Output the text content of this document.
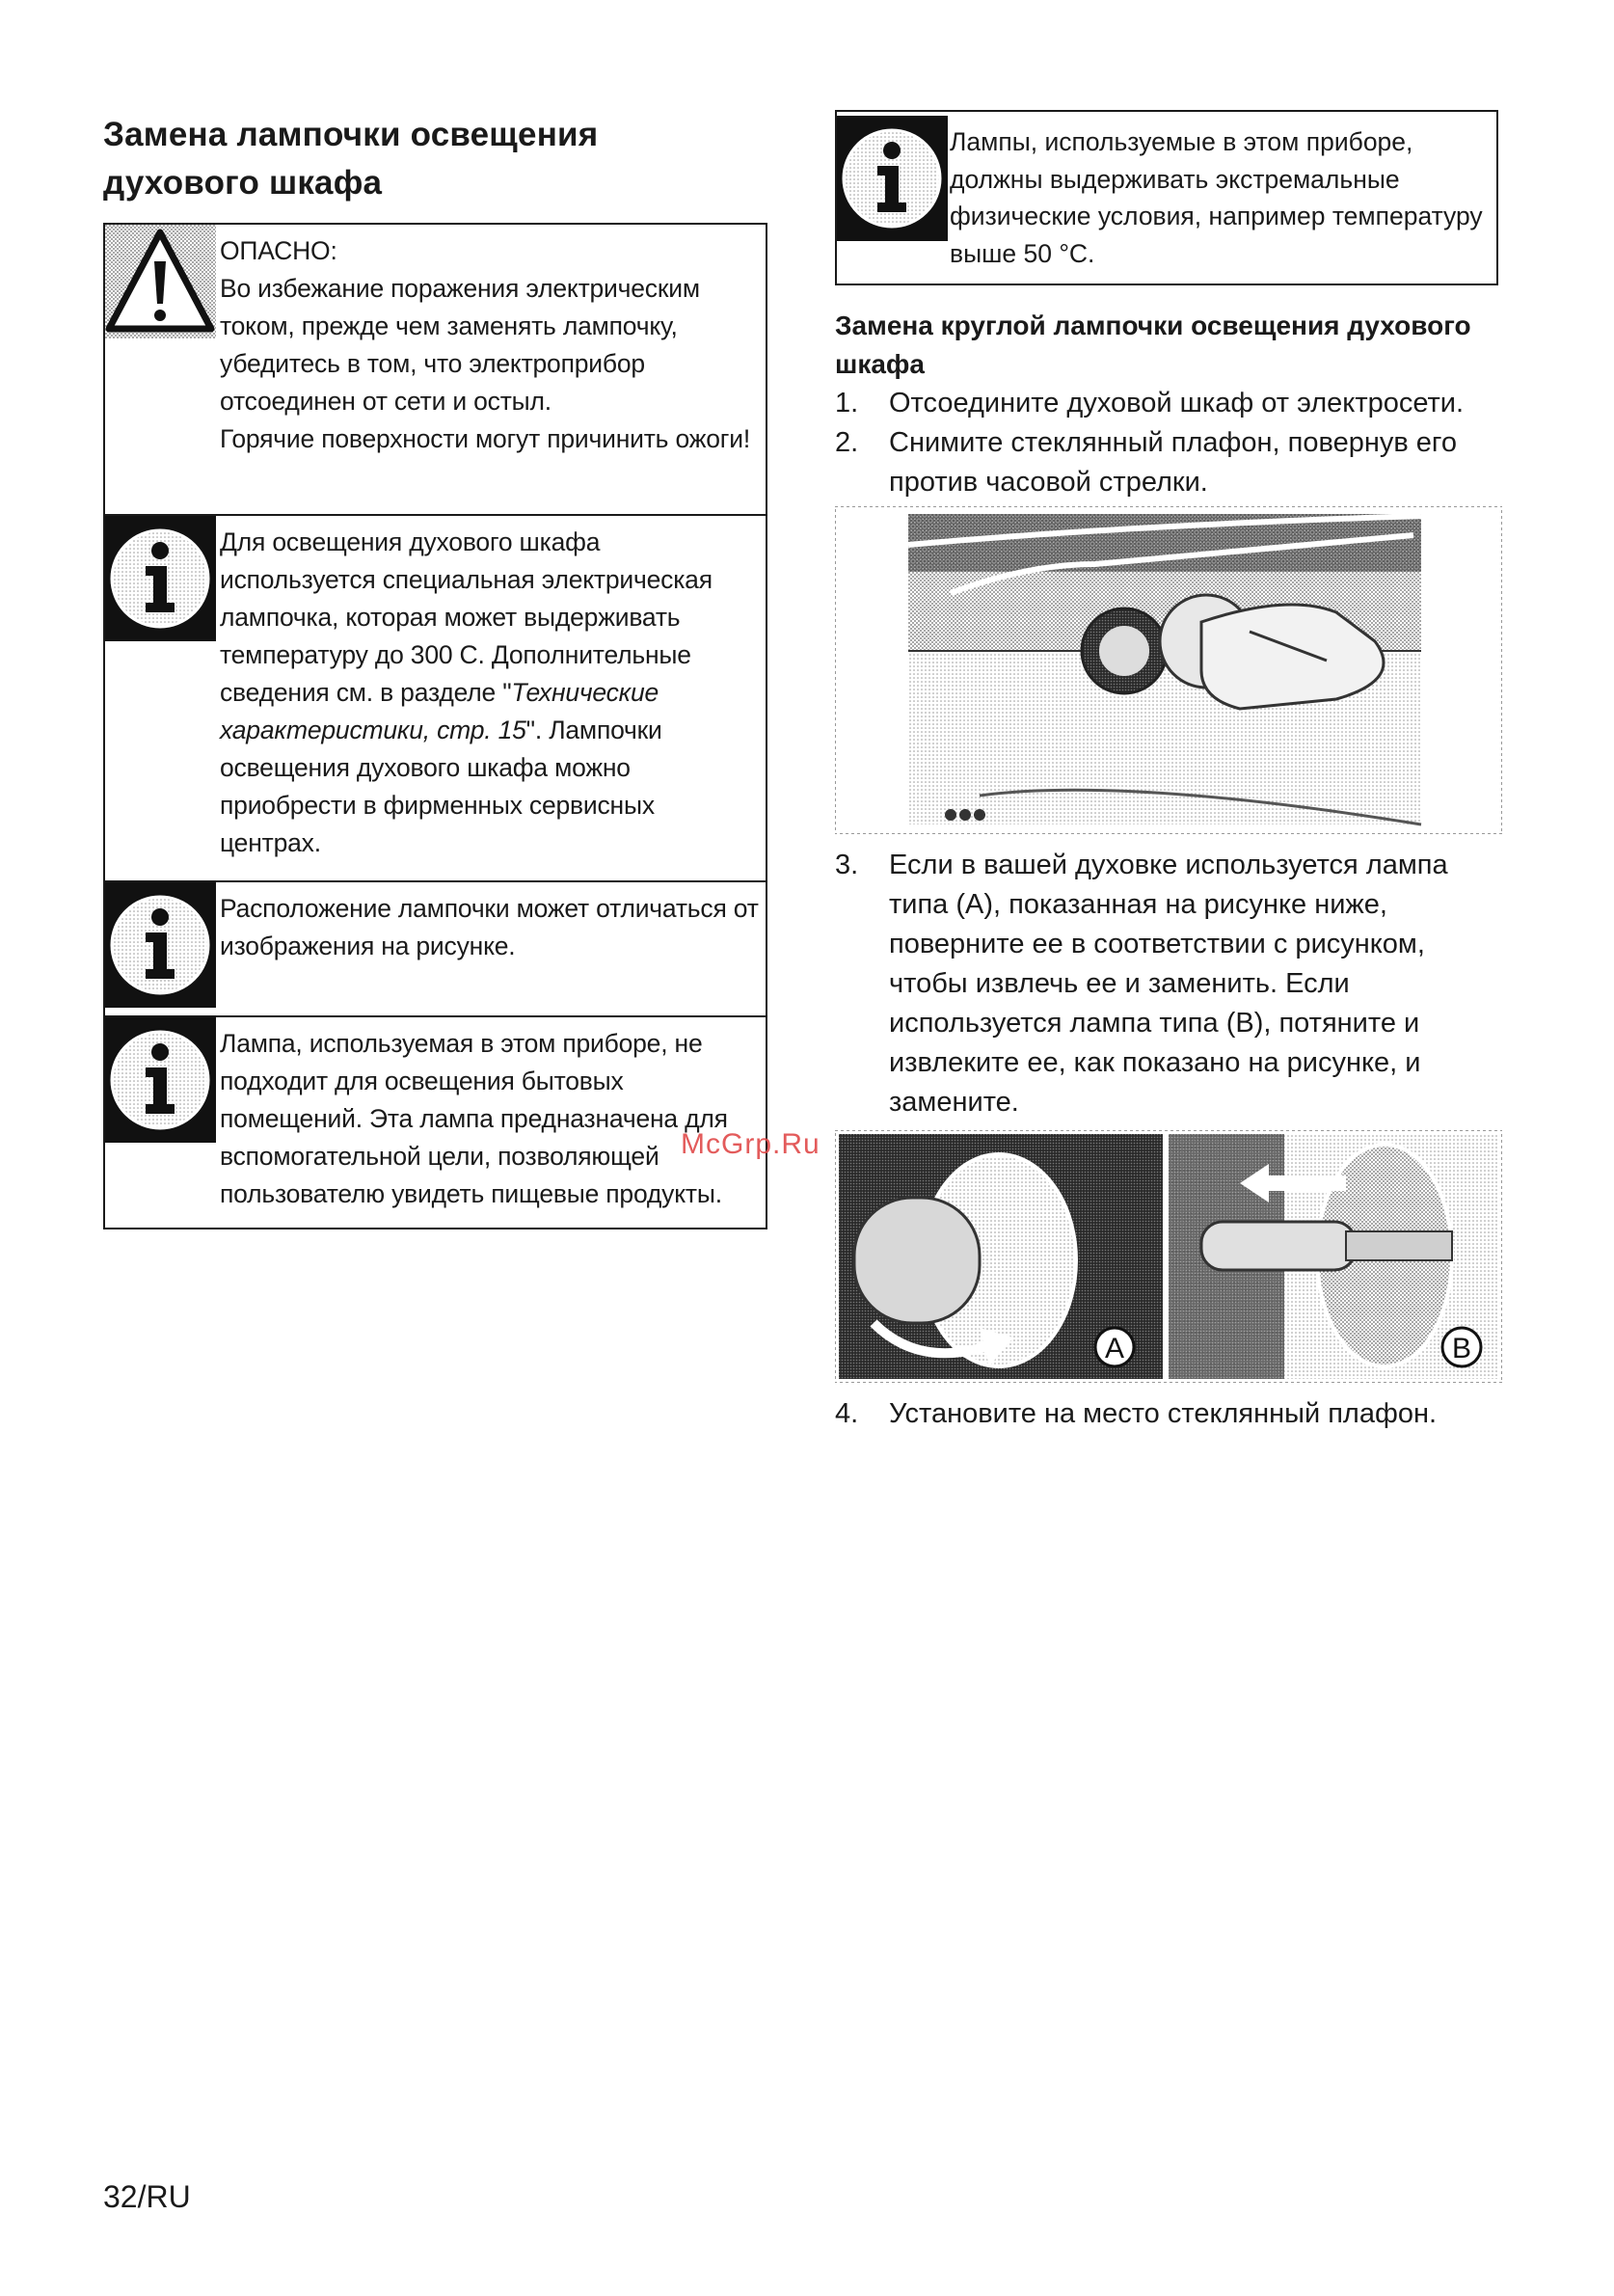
Замена лампочки освещения
духового шкафа

ОПАСНО:

Во избежание поражения электрическим током, прежде чем заменять лампочку, убедитесь в том, что электроприбор отсоединен от сети и остыл.

Горячие поверхности могут причинить ожоги!

Для освещения духового шкафа используется специальная электрическая лампочка, которая может выдерживать температуру до 300 С. Дополнительные сведения см. в разделе "Технические характеристики, стр. 15". Лампочки освещения духового шкафа можно приобрести в фирменных сервисных центрах.

Расположение лампочки может отличаться от изображения на рисунке.

Лампа, используемая в этом приборе, не подходит для освещения бытовых помещений. Эта лампа предназначена для вспомогательной цели, позволяющей пользователю увидеть пищевые продукты.

Лампы, используемые в этом приборе, должны выдерживать экстремальные физические условия, например температуру выше 50 °C.
Замена круглой лампочки освещения духового шкафа
1.	Отсоедините духовой шкаф от электросети.
2.	Снимите стеклянный плафон, повернув его против часовой стрелки.
3.	Если в вашей духовке используется лампа типа (A), показанная на рисунке ниже, поверните ее в соответствии с рисунком, чтобы извлечь ее и заменить. Если используется лампа типа (B), потяните и извлеките ее, как показано на рисунке, и замените.
A	B
4.	Установите на место стеклянный плафон.
McGrp.Ru
32/RU
